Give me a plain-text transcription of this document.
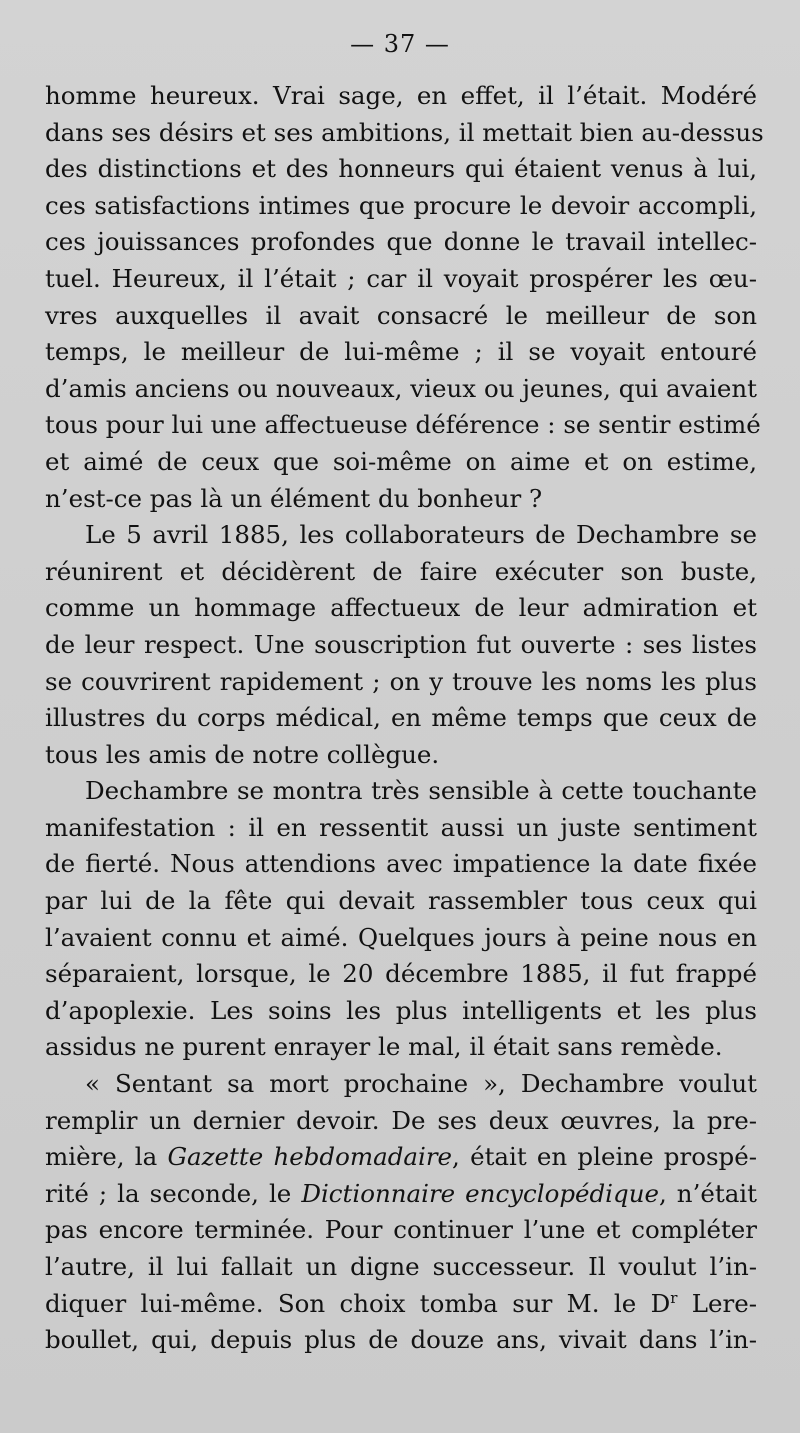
— 37 —
homme heureux. Vrai sage, en effet, il l’était. Modéré
dans ses désirs et ses ambitions, il mettait bien au-dessus
des distinctions et des honneurs qui étaient venus à lui,
ces satisfactions intimes que procure le devoir accompli,
ces jouissances profondes que donne le travail intellec-
tuel. Heureux, il l’était ; car il voyait prospérer les œu-
vres auxquelles il avait consacré le meilleur de son
temps, le meilleur de lui-même ; il se voyait entouré
d’amis anciens ou nouveaux, vieux ou jeunes, qui avaient
tous pour lui une affectueuse déférence : se sentir estimé
et aimé de ceux que soi-même on aime et on estime,
n’est-ce pas là un élément du bonheur ?
Le 5 avril 1885, les collaborateurs de Dechambre se
réunirent et décidèrent de faire exécuter son buste,
comme un hommage affectueux de leur admiration et
de leur respect. Une souscription fut ouverte : ses listes
se couvrirent rapidement ; on y trouve les noms les plus
illustres du corps médical, en même temps que ceux de
tous les amis de notre collègue.
Dechambre se montra très sensible à cette touchante
manifestation : il en ressentit aussi un juste sentiment
de fierté. Nous attendions avec impatience la date fixée
par lui de la fête qui devait rassembler tous ceux qui
l’avaient connu et aimé. Quelques jours à peine nous en
séparaient, lorsque, le 20 décembre 1885, il fut frappé
d’apoplexie. Les soins les plus intelligents et les plus
assidus ne purent enrayer le mal, il était sans remède.
« Sentant sa mort prochaine », Dechambre voulut
remplir un dernier devoir. De ses deux œuvres, la pre-
mière, la Gazette hebdomadaire, était en pleine prospé-
rité ; la seconde, le Dictionnaire encyclopédique, n’était
pas encore terminée. Pour continuer l’une et compléter
l’autre, il lui fallait un digne successeur. Il voulut l’in-
diquer lui-même. Son choix tomba sur M. le $D^r$ Lere-
boullet, qui, depuis plus de douze ans, vivait dans l’in-
